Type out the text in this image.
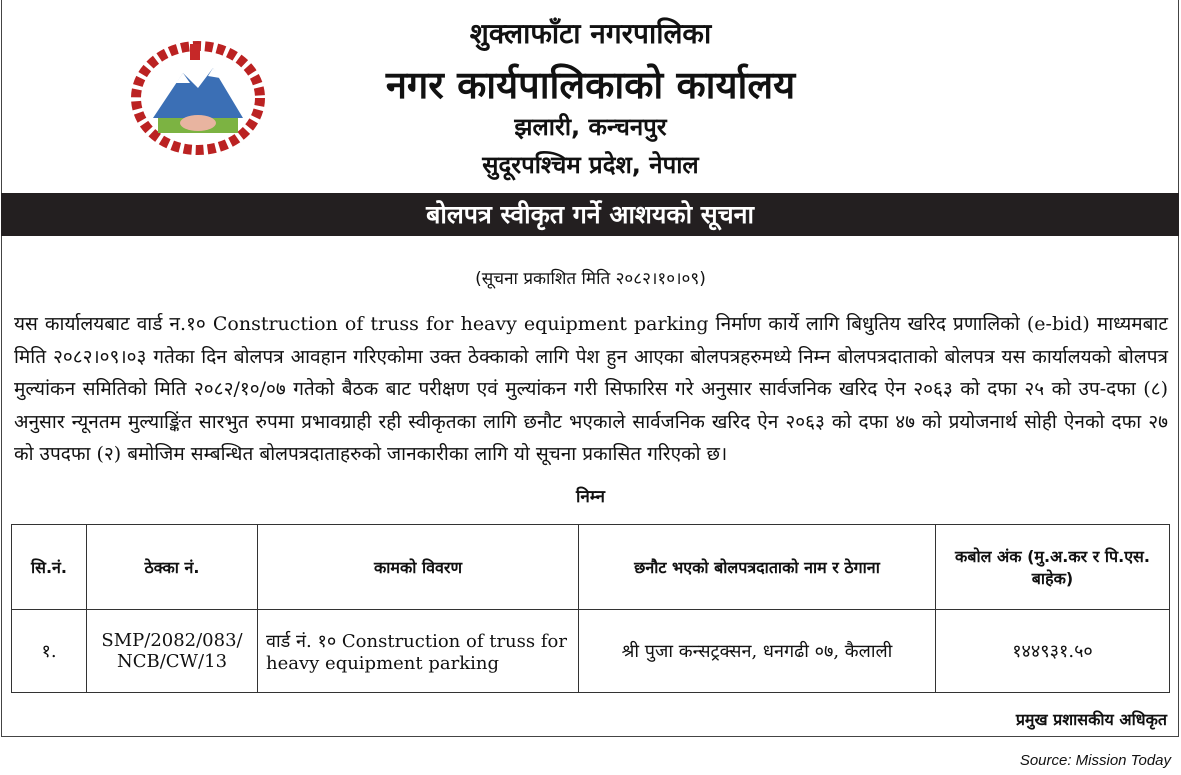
शुक्लाफाँटा नगरपालिका
नगर कार्यपालिकाको कार्यालय
झलारी, कन्चनपुर
सुदूरपश्चिम प्रदेश, नेपाल
बोलपत्र स्वीकृत गर्ने आशयको सूचना
(सूचना प्रकाशित मिति २०८२।१०।०९)
यस कार्यालयबाट वार्ड न.१० Construction of truss for heavy equipment parking निर्माण कार्ये लागि बिधुतिय खरिद प्रणालिको (e-bid) माध्यमबाट मिति २०८२।०९।०३ गतेका दिन बोलपत्र आवहान गरिएकोमा उक्त ठेक्काको लागि पेश हुन आएका बोलपत्रहरुमध्ये निम्न बोलपत्रदाताको बोलपत्र यस कार्यालयको बोलपत्र मुल्यांकन समितिको मिति २०८२/१०/०७ गतेको बैठक बाट परीक्षण एवं मुल्यांकन गरी सिफारिस गरे अनुसार सार्वजनिक खरिद ऐन २०६३ को दफा २५ को उप-दफा (८) अनुसार न्यूनतम मुल्याङ्किंत सारभुत रुपमा प्रभावग्राही रही स्वीकृतका लागि छनौट भएकाले सार्वजनिक खरिद ऐन २०६३ को दफा ४७ को प्रयोजनार्थ सोही ऐनको दफा २७ को उपदफा (२) बमोजिम सम्बन्धित बोलपत्रदाताहरुको जानकारीका लागि यो सूचना प्रकासित गरिएको छ।
निम्न
सि.नं.	ठेक्का नं.	कामको विवरण	छनौट भएको बोलपत्रदाताको नाम र ठेगाना	कबोल अंक (मु.अ.कर र पि.एस. बाहेक)
१.	SMP/2082/083/ NCB/CW/13	वार्ड नं. १० Construction of truss for heavy equipment parking	श्री पुजा कन्सट्रक्सन, धनगढी ०७, कैलाली	१४४९३१.५०
प्रमुख प्रशासकीय अधिकृत
Source: Mission Today
